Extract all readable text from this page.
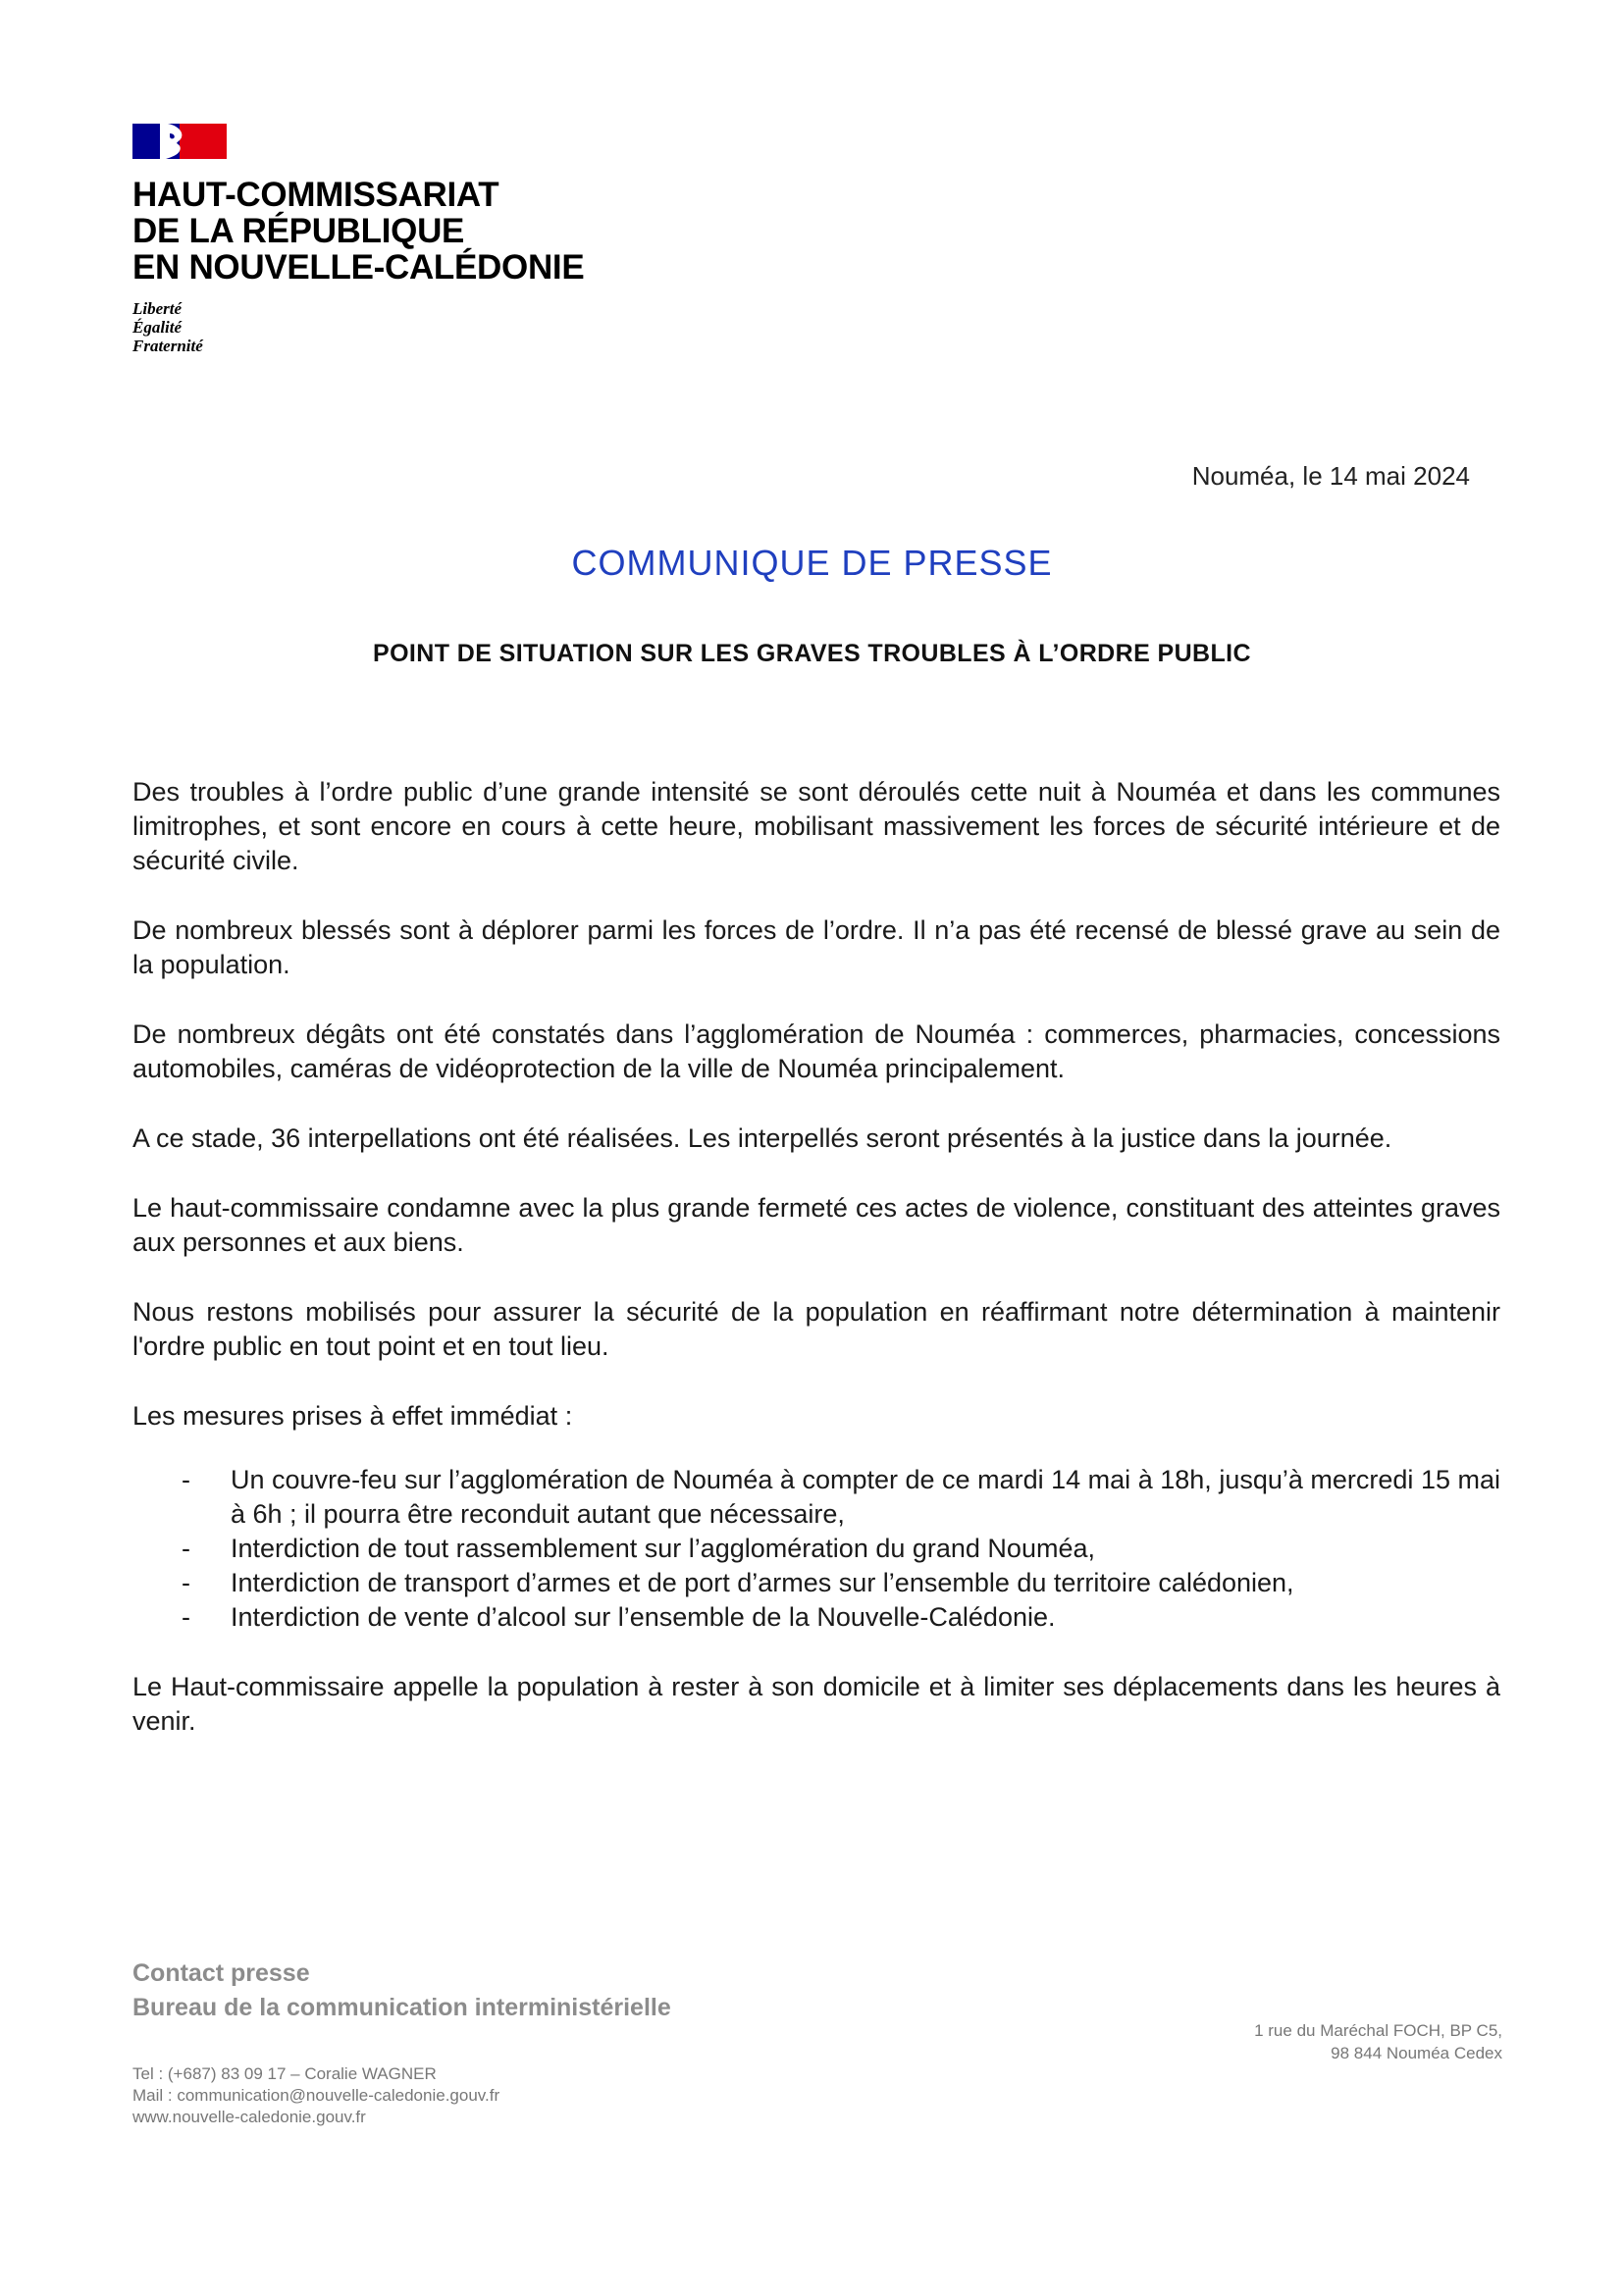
HAUT-COMMISSARIAT
DE LA RÉPUBLIQUE
EN NOUVELLE-CALÉDONIE
Liberté
Égalité
Fraternité
Nouméa, le 14 mai 2024
COMMUNIQUE DE PRESSE
POINT DE SITUATION SUR LES GRAVES TROUBLES À L’ORDRE PUBLIC

Des troubles à l’ordre public d’une grande intensité se sont déroulés cette nuit à Nouméa et dans les communes limitrophes, et sont encore en cours à cette heure, mobilisant massivement les forces de sécurité intérieure et de sécurité civile.

De nombreux blessés sont à déplorer parmi les forces de l’ordre. Il n’a pas été recensé de blessé grave au sein de la population.

De nombreux dégâts ont été constatés dans l’agglomération de Nouméa : commerces, pharmacies, concessions automobiles, caméras de vidéoprotection de la ville de Nouméa principalement.

A ce stade, 36 interpellations ont été réalisées. Les interpellés seront présentés à la justice dans la journée.

Le haut-commissaire condamne avec la plus grande fermeté ces actes de violence, constituant des atteintes graves aux personnes et aux biens.

Nous restons mobilisés pour assurer la sécurité de la population en réaffirmant notre détermination à maintenir l'ordre public en tout point et en tout lieu.

Les mesures prises à effet immédiat :

- Un couvre-feu sur l’agglomération de Nouméa à compter de ce mardi 14 mai à 18h, jusqu’à mercredi 15 mai à 6h ; il pourra être reconduit autant que nécessaire,
- Interdiction de tout rassemblement sur l’agglomération du grand Nouméa,
- Interdiction de transport d’armes et de port d’armes sur l’ensemble du territoire calédonien,
- Interdiction de vente d’alcool sur l’ensemble de la Nouvelle-Calédonie.

Le Haut-commissaire appelle la population à rester à son domicile et à limiter ses déplacements dans les heures à venir.

Contact presse
Bureau de la communication interministérielle
1 rue du Maréchal FOCH, BP C5,
98 844 Nouméa Cedex
Tel : (+687) 83 09 17 – Coralie WAGNER
Mail : communication@nouvelle-caledonie.gouv.fr
www.nouvelle-caledonie.gouv.fr
